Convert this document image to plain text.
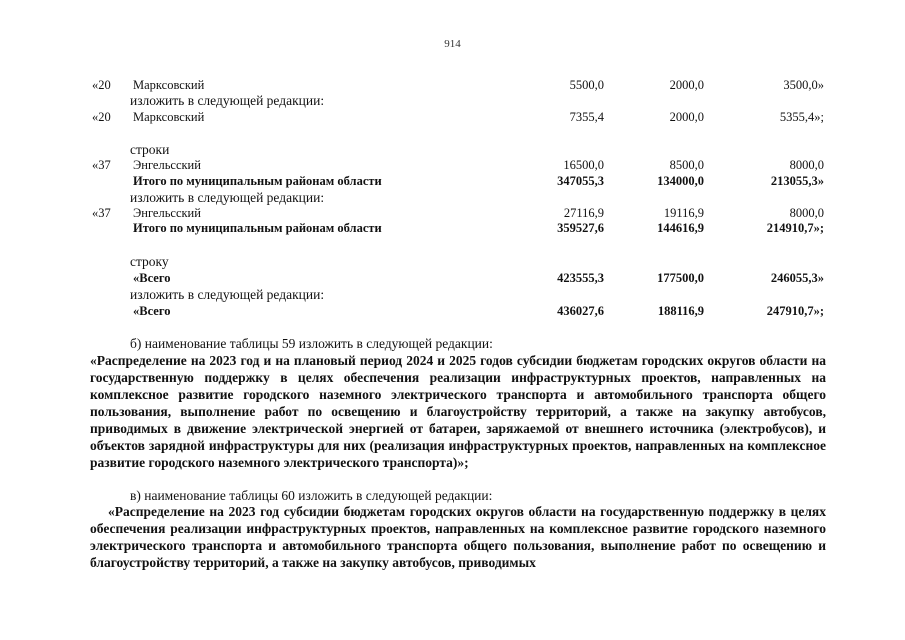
914
«20 Марксовский	5500,0	2000,0	3500,0»
изложить в следующей редакции:
«20 Марксовский	7355,4	2000,0	5355,4»;
строки
«37 Энгельсский	16500,0	8500,0	8000,0
Итого по муниципальным районам области	347055,3	134000,0	213055,3»
изложить в следующей редакции:
«37 Энгельсский	27116,9	19116,9	8000,0
Итого по муниципальным районам области	359527,6	144616,9	214910,7»;
строку
«Всего	423555,3	177500,0	246055,3»
изложить в следующей редакции:
«Всего	436027,6	188116,9	247910,7»;
б) наименование таблицы 59 изложить в следующей редакции:
«Распределение на 2023 год и на плановый период 2024 и 2025 годов субсидии бюджетам городских округов области на государственную поддержку в целях обеспечения реализации инфраструктурных проектов, направленных на комплексное развитие городского наземного электрического транспорта и автомобильного транспорта общего пользования, выполнение работ по освещению и благоустройству территорий, а также на закупку автобусов, приводимых в движение электрической энергией от батареи, заряжаемой от внешнего источника (электробусов), и объектов зарядной инфраструктуры для них (реализация инфраструктурных проектов, направленных на комплексное развитие городского наземного электрического транспорта)»;
в) наименование таблицы 60 изложить в следующей редакции:
«Распределение на 2023 год субсидии бюджетам городских округов области на государственную поддержку в целях обеспечения реализации инфраструктурных проектов, направленных на комплексное развитие городского наземного электрического транспорта и автомобильного транспорта общего пользования, выполнение работ по освещению и благоустройству территорий, а также на закупку автобусов, приводимых
